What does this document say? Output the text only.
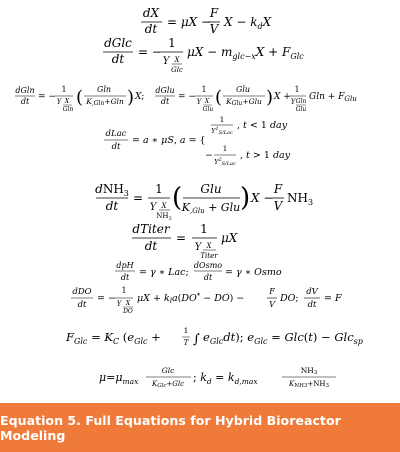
dX
dt = μX −
F
V $X - k_dX$
dGlc
dt = −
1
Y X
Glc
$\mu X - m_{glc-x}X + F_{Glc}$
dGln
dt = −
1
Y X
Gln
( Gln
K,Gln+Gln ) X;
dGlu
dt = −
1
Y X
Glu
( Glu
KGlu+Glu ) X +
1
Y Gln
Glu
$Gln + F_{Glu}$
dLac
dt
= a ∗ μS, a = {
1
$Y^1_{S/Lac}$
, t < 1 day
−
1
$Y^2_{S/Lac}$
, t > 1 day
dNH$_3$
dt
=
1
Y X
$NH_3$
( Glu
K,Glu + Glu ) X −
F
V
$NH_3$
dTiter
dt
=
1
Y X
Titer
μX
dpH
dt = γ ∗ Lac;
dOsmo
dt = γ ∗ Osmo
dDO
dt
= −
1
Y X
DO
$\mu X + k_la(DO^* - DO)$ −
F
V
DO;
dV
dt
= F
$F_{Glc} = K_C$ ($e_{Glc}$ +	1
T ∫ $e_{Glc}dt$); $e_{Glc} = Glc(t) - Glc_{sp}$
$\mu=\mu_{max}$
Glc
KGlc+Glc ; $k_d = k_{d,max}$
NH3
KNH3+NH3
Equation 5. Full Equations for Hybrid Bioreactor Modeling
